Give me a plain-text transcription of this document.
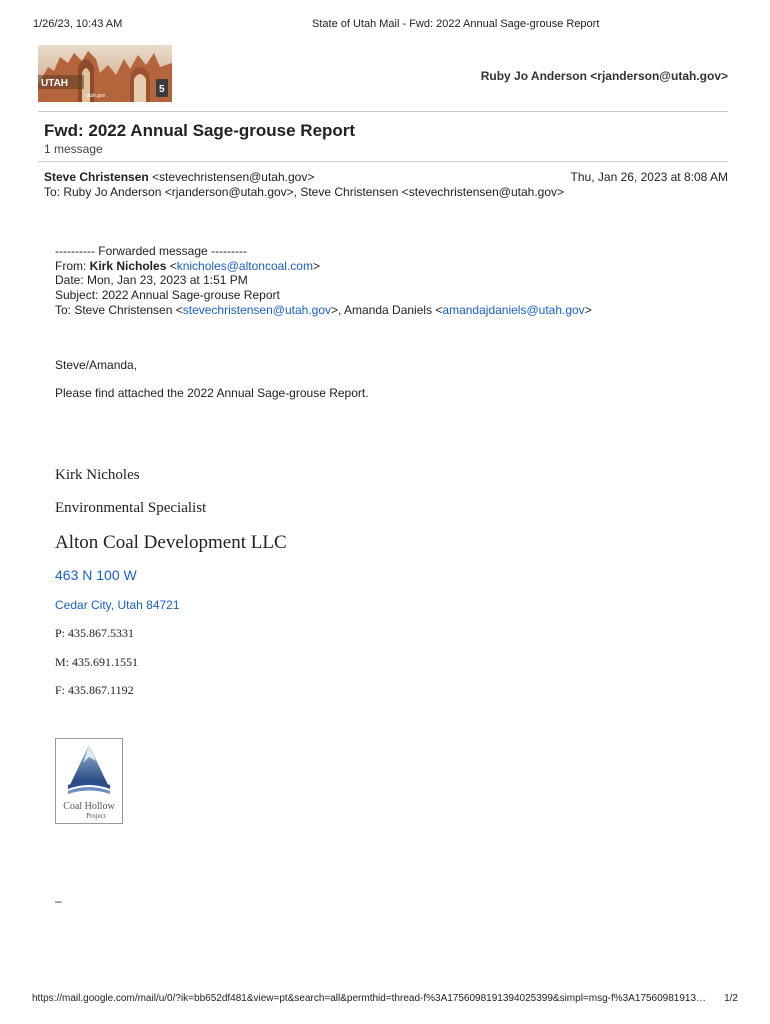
1/26/23, 10:43 AM	State of Utah Mail - Fwd: 2022 Annual Sage-grouse Report
UTAH
utah.gov
5
Ruby Jo Anderson <rjanderson@utah.gov>
Fwd: 2022 Annual Sage-grouse Report
1 message
Steve Christensen <stevechristensen@utah.gov>	Thu, Jan 26, 2023 at 8:08 AM
To: Ruby Jo Anderson <rjanderson@utah.gov>, Steve Christensen <stevechristensen@utah.gov>
---------- Forwarded message ---------
From: Kirk Nicholes <knicholes@altoncoal.com>
Date: Mon, Jan 23, 2023 at 1:51 PM
Subject: 2022 Annual Sage-grouse Report
To: Steve Christensen <stevechristensen@utah.gov>, Amanda Daniels <amandajdaniels@utah.gov>
Steve/Amanda,
Please find attached the 2022 Annual Sage-grouse Report.
Kirk Nicholes
Environmental Specialist
Alton Coal Development LLC
463 N 100 W
Cedar City, Utah 84721
P: 435.867.5331
M: 435.691.1551
F: 435.867.1192
Coal Hollow
Project
–
https://mail.google.com/mail/u/0/?ik=bb652df481&view=pt&search=all&permthid=thread-f%3A1756098191394025399&simpl=msg-f%3A17560981913… 1/2
